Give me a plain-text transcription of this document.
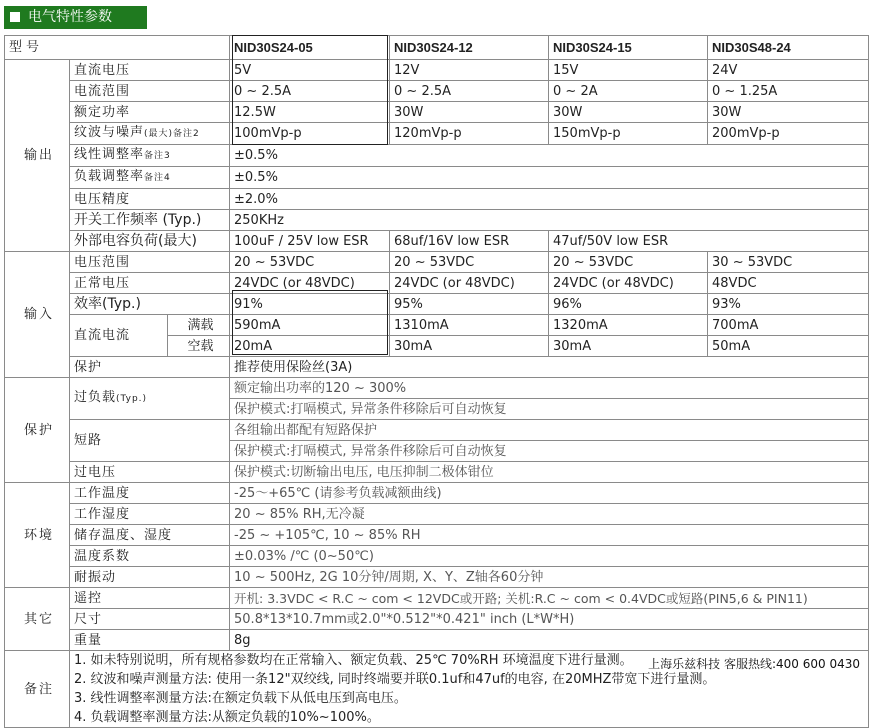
电气特性参数
型号			NID30S24-05	NID30S24-12	NID30S24-15	NID30S48-24
输出	直流电压		5V	12V	15V	24V
	电流范围		0 ~ 2.5A	0 ~ 2.5A	0 ~ 2A	0 ~ 1.25A
	额定功率		12.5W	30W	30W	30W
	纹波与噪声(最大)备注2		100mVp-p	120mVp-p	150mVp-p	200mVp-p
	线性调整率备注3		±0.5%			
	负载调整率备注4		±0.5%			
	电压精度		±2.0%			
	开关工作频率 (Typ.)		250KHz			
	外部电容负荷(最大)		100uF / 25V low ESR	68uf/16V low ESR	47uf/50V low ESR	
输入	电压范围		20 ~ 53VDC	20 ~ 53VDC	20 ~ 53VDC	30 ~ 53VDC
	正常电压		24VDC (or 48VDC)	24VDC (or 48VDC)	24VDC (or 48VDC)	48VDC
	效率(Typ.)		91%	95%	96%	93%
	直流电流	满载	590mA	1310mA	1320mA	700mA
		空载	20mA	30mA	30mA	50mA
	保护		推荐使用保险丝(3A)			
保护	过负载(Typ.)		额定输出功率的120 ~ 300%			
			保护模式:打嗝模式, 异常条件移除后可自动恢复			
	短路		各组输出都配有短路保护			
			保护模式:打嗝模式, 异常条件移除后可自动恢复			
	过电压		保护模式:切断输出电压, 电压抑制二极体钳位			
环境	工作温度		-25～+65℃ (请参考负载减额曲线)			
	工作湿度		20 ~ 85% RH,无冷凝			
	储存温度、湿度		-25 ~ +105℃, 10 ~ 85% RH			
	温度系数		±0.03% /℃ (0~50℃)			
	耐振动		10 ~ 500Hz, 2G 10分钟/周期, X、Y、Z轴各60分钟			
其它	遥控		开机: 3.3VDC < R.C ~ com < 12VDC或开路; 关机:R.C ~ com < 0.4VDC或短路(PIN5,6 & PIN11)			
	尺寸		50.8*13*10.7mm或2.0"*0.512"*0.421" inch (L*W*H)			
	重量		8g			
备注	1. 如未特别说明，所有规格参数均在正常输入、额定负载、25℃ 70%RH 环境温度下进行量测。
2. 纹波和噪声测量方法: 使用一条12"双绞线, 同时终端要并联0.1uf和47uf的电容, 在20MHZ带宽下进行量测。
3. 线性调整率测量方法:在额定负载下从低电压到高电压。
4. 负载调整率测量方法:从额定负载的10%~100%。
上海乐兹科技 客服热线:400 600 0430					
